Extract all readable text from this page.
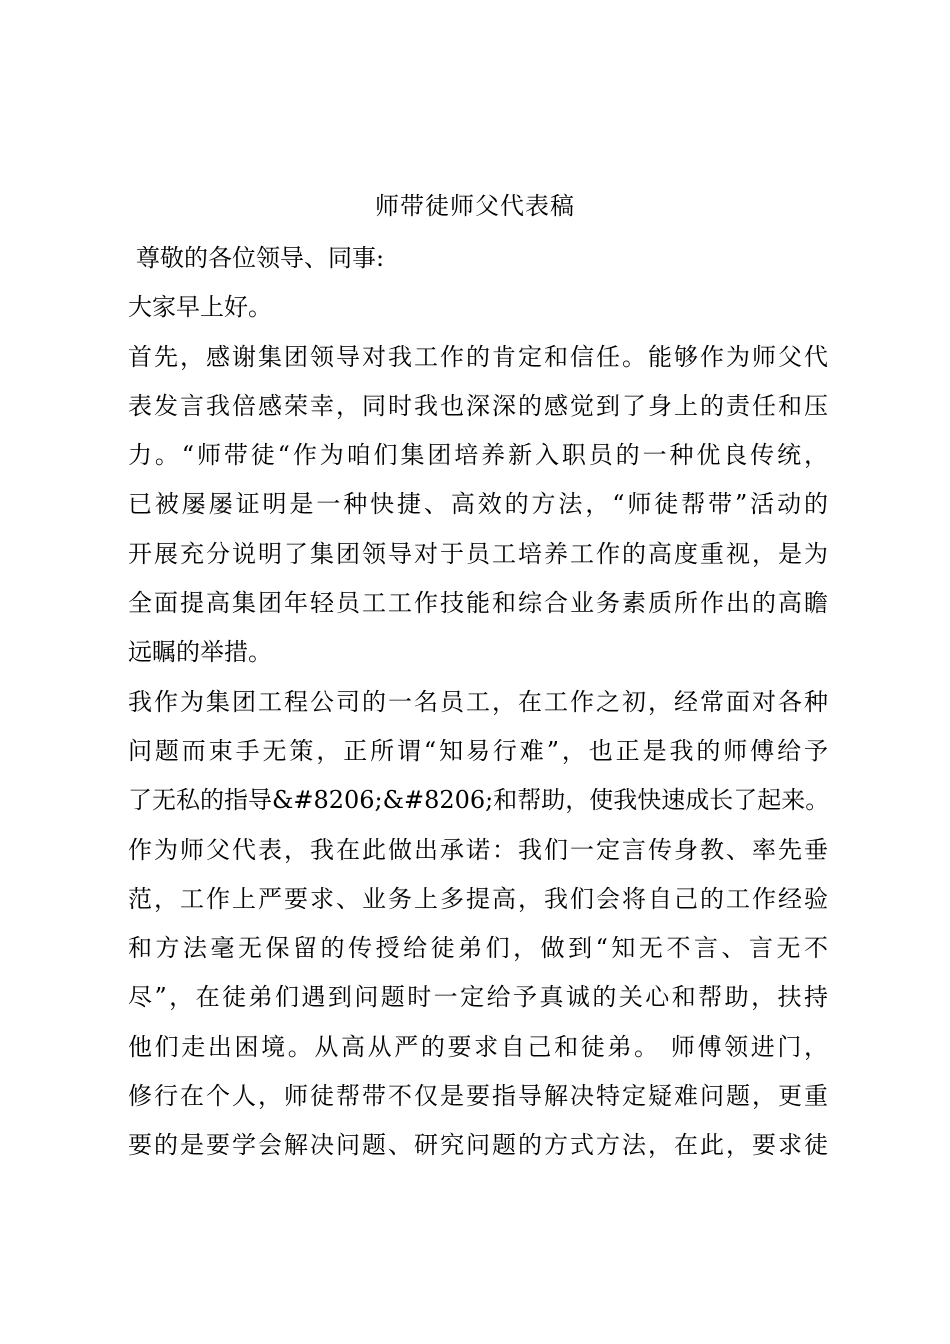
师带徒师父代表稿
尊敬的各位领导、同事:
大家早上好。
首先，感谢集团领导对我工作的肯定和信任。能够作为师父代
表发言我倍感荣幸，同时我也深深的感觉到了身上的责任和压
力。“师带徒“作为咱们集团培养新入职员的一种优良传统，
已被屡屡证明是一种快捷、高效的方法，“师徒帮带”活动的
开展充分说明了集团领导对于员工培养工作的高度重视，是为
全面提高集团年轻员工工作技能和综合业务素质所作出的高瞻
远瞩的举措。
我作为集团工程公司的一名员工，在工作之初，经常面对各种
问题而束手无策，正所谓“知易行难”，也正是我的师傅给予
了无私的指导&#8206;&#8206;和帮助，使我快速成长了起来。
作为师父代表，我在此做出承诺：我们一定言传身教、率先垂
范，工作上严要求、业务上多提高，我们会将自己的工作经验
和方法毫无保留的传授给徒弟们，做到“知无不言、言无不
尽”，在徒弟们遇到问题时一定给予真诚的关心和帮助，扶持
他们走出困境。从高从严的要求自己和徒弟。 师傅领进门，
修行在个人，师徒帮带不仅是要指导解决特定疑难问题，更重
要的是要学会解决问题、研究问题的方式方法，在此，要求徒
